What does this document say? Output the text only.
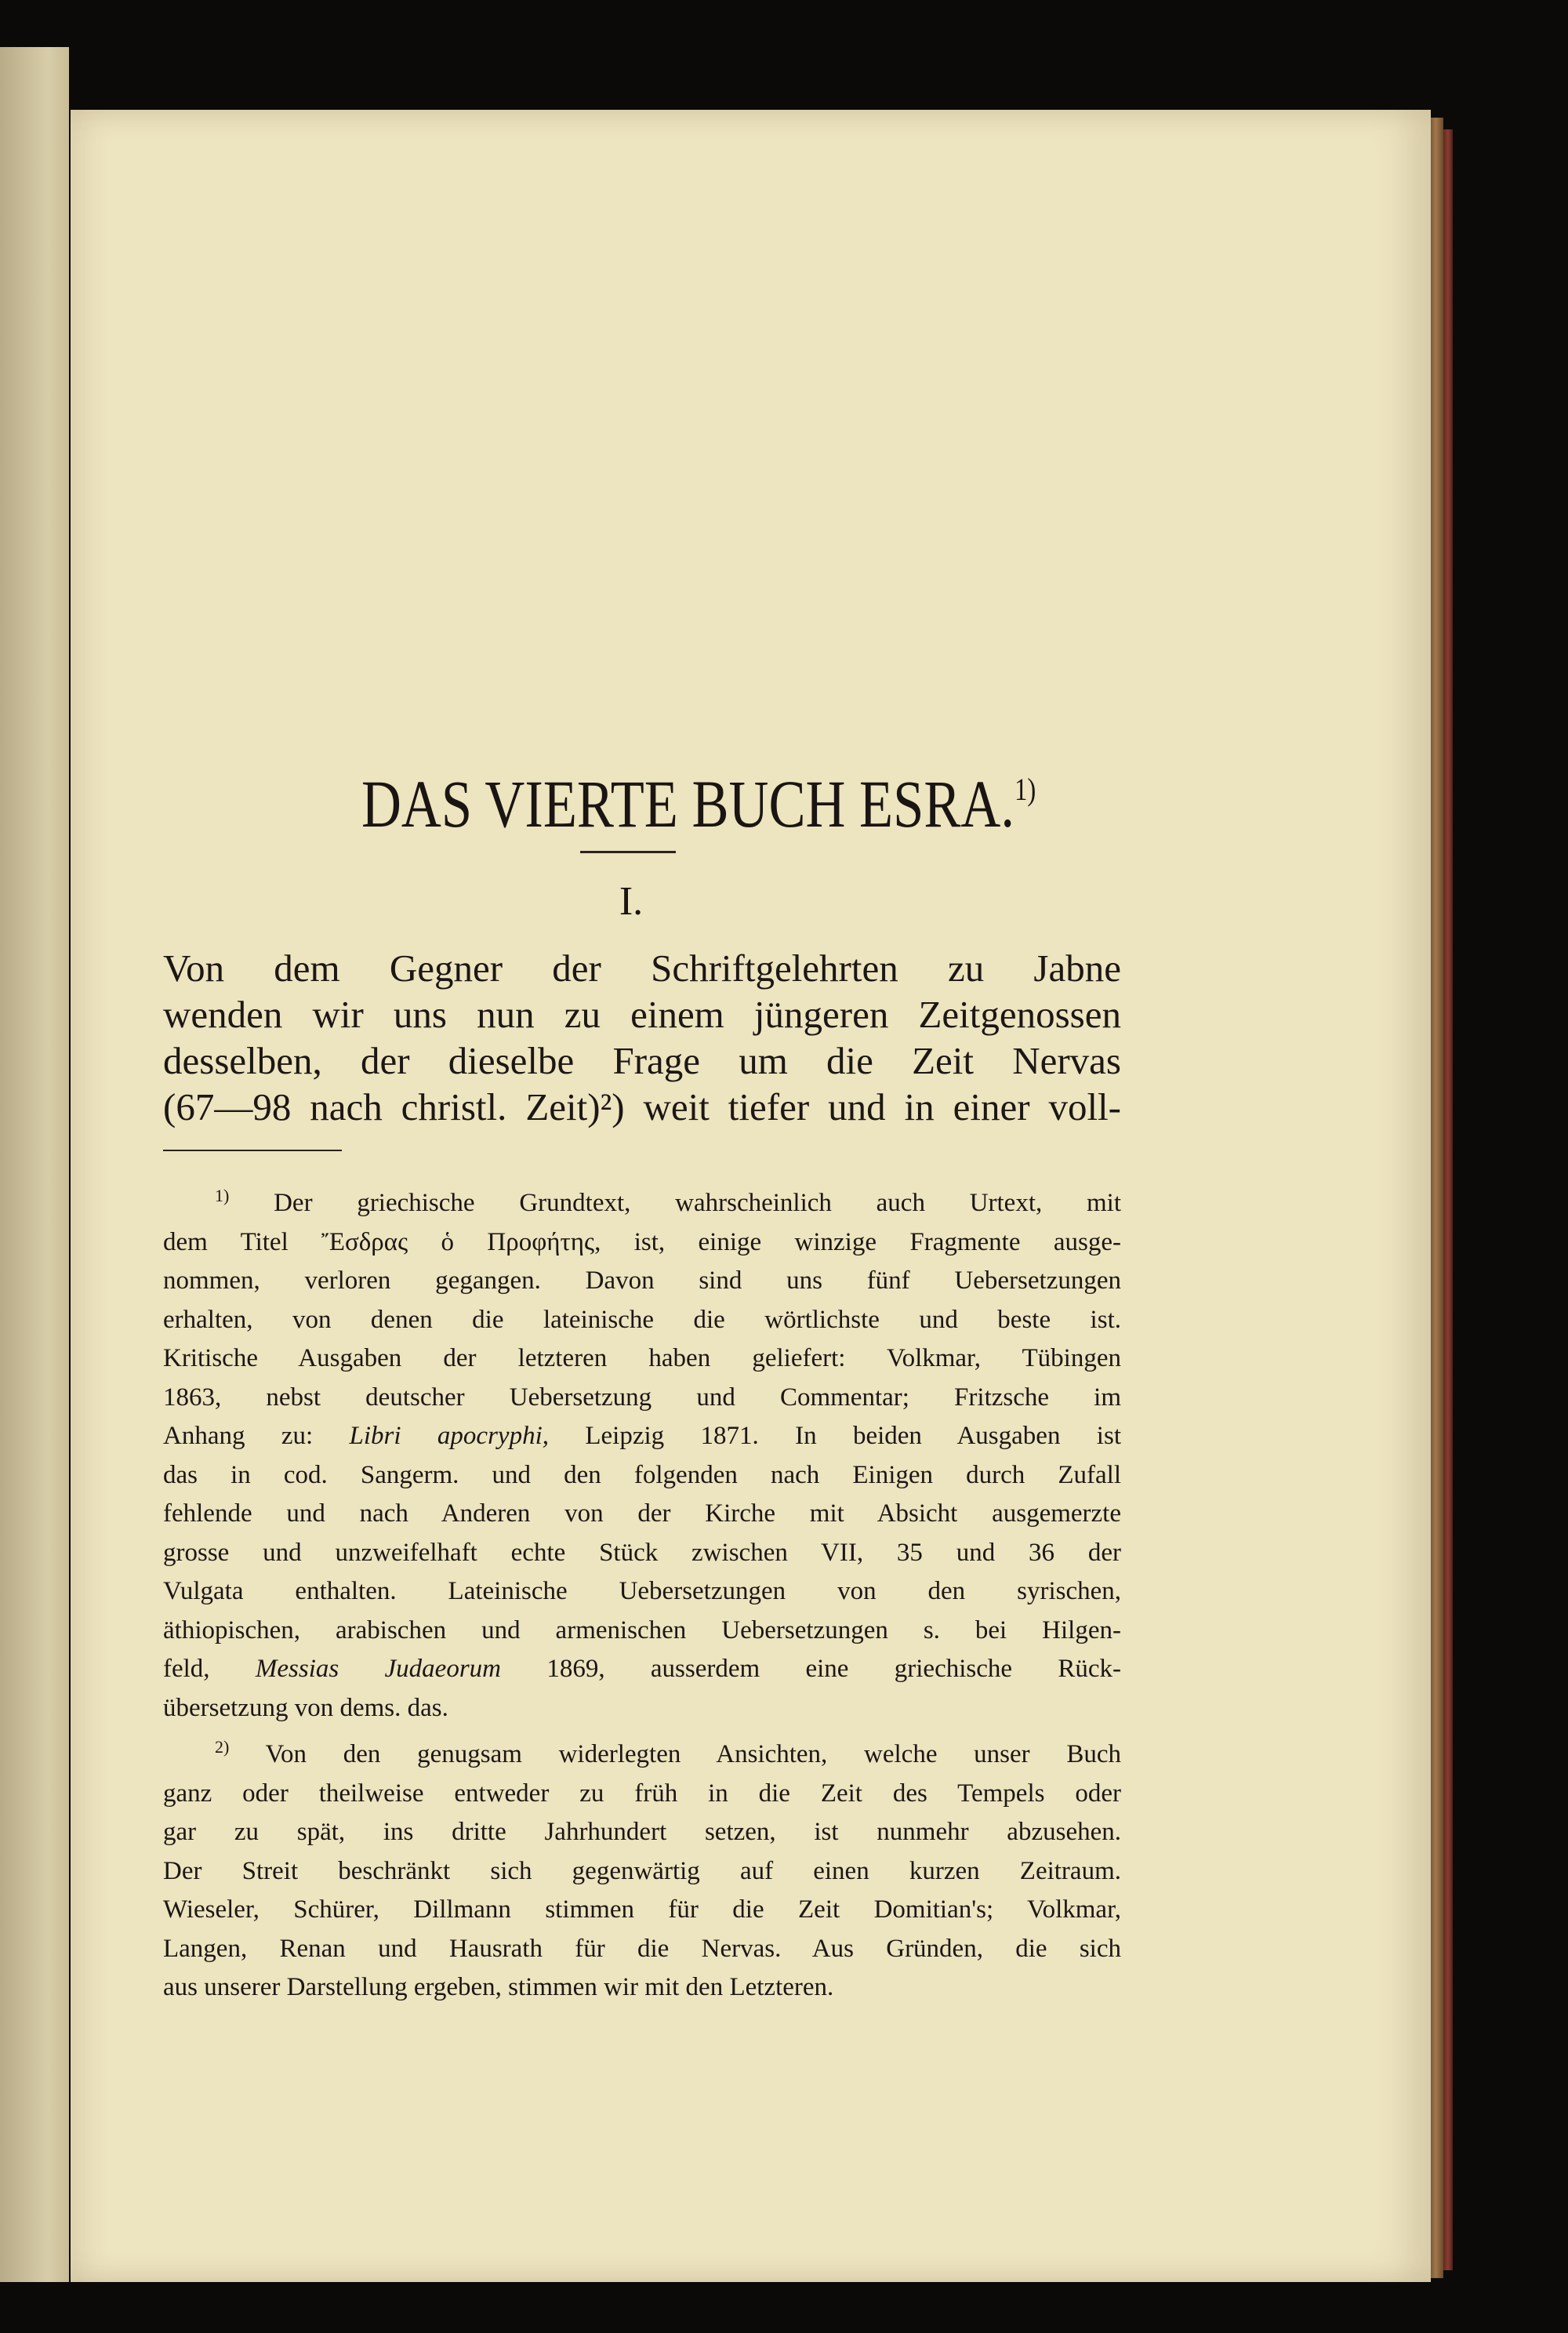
DAS VIERTE BUCH ESRA.$^{1)}$
I.
Von dem Gegner der Schriftgelehrten zu Jabne
wenden wir uns nun zu einem jüngeren Zeitgenossen
desselben, der dieselbe Frage um die Zeit Nervas
(67—98 nach christl. Zeit)²) weit tiefer und in einer voll-
$^{1)}$ Der griechische Grundtext, wahrscheinlich auch Urtext, mit
dem Titel Ἔσδρας ὁ Προφήτης, ist, einige winzige Fragmente ausge-
nommen, verloren gegangen. Davon sind uns fünf Uebersetzungen
erhalten, von denen die lateinische die wörtlichste und beste ist.
Kritische Ausgaben der letzteren haben geliefert: Volkmar, Tübingen
1863, nebst deutscher Uebersetzung und Commentar; Fritzsche im
Anhang zu: Libri apocryphi, Leipzig 1871. In beiden Ausgaben ist
das in cod. Sangerm. und den folgenden nach Einigen durch Zufall
fehlende und nach Anderen von der Kirche mit Absicht ausgemerzte
grosse und unzweifelhaft echte Stück zwischen VII, 35 und 36 der
Vulgata enthalten. Lateinische Uebersetzungen von den syrischen,
äthiopischen, arabischen und armenischen Uebersetzungen s. bei Hilgen-
feld, Messias Judaeorum 1869, ausserdem eine griechische Rück-
übersetzung von dems. das.
$^{2)}$ Von den genugsam widerlegten Ansichten, welche unser Buch
ganz oder theilweise entweder zu früh in die Zeit des Tempels oder
gar zu spät, ins dritte Jahrhundert setzen, ist nunmehr abzusehen.
Der Streit beschränkt sich gegenwärtig auf einen kurzen Zeitraum.
Wieseler, Schürer, Dillmann stimmen für die Zeit Domitian's; Volkmar,
Langen, Renan und Hausrath für die Nervas. Aus Gründen, die sich
aus unserer Darstellung ergeben, stimmen wir mit den Letzteren.
